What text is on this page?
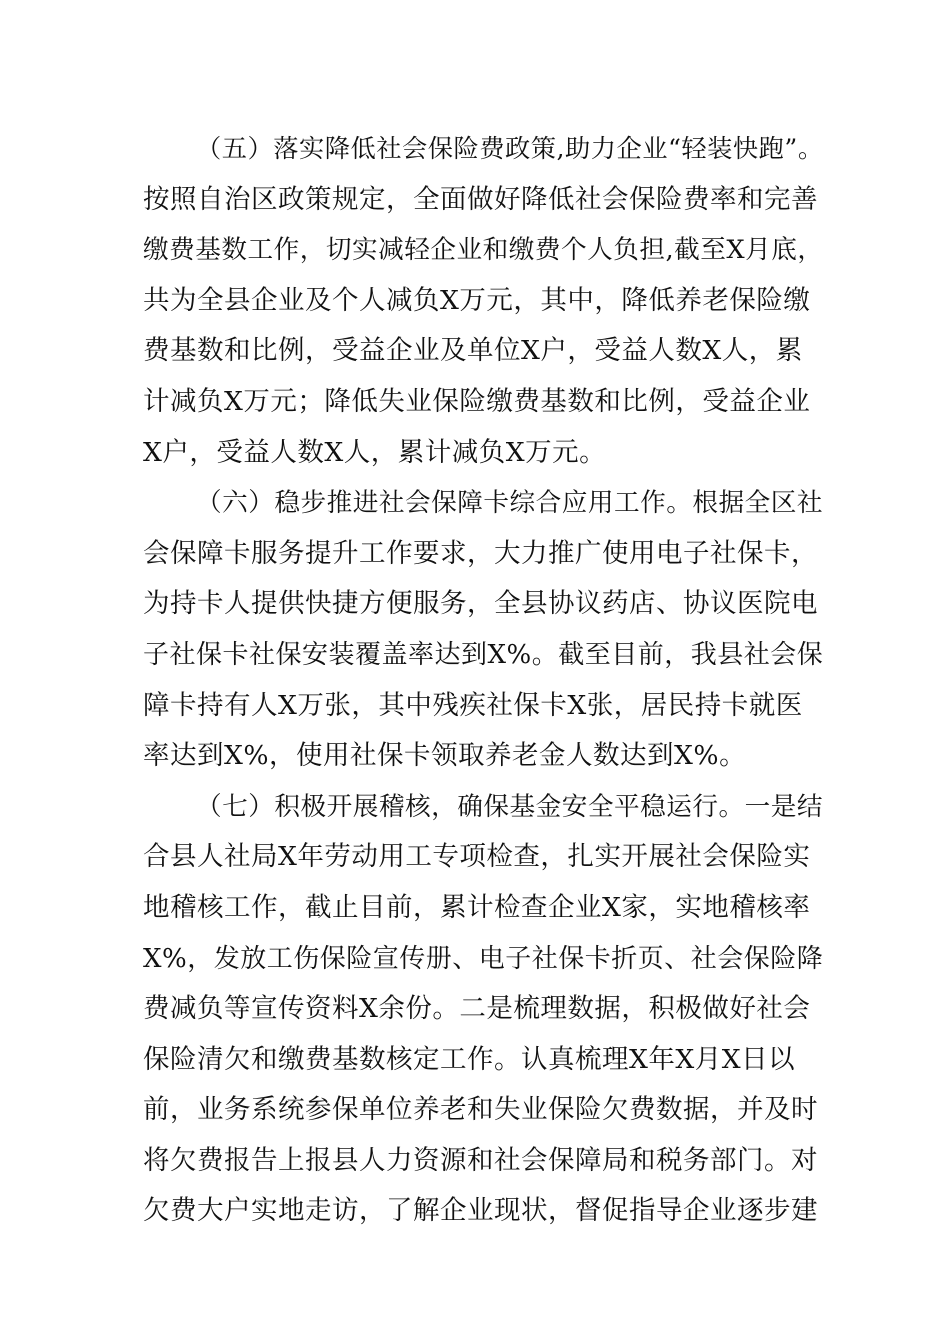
（五）落实降低社会保险费政策,助力企业“轻装快跑”。
按照自治区政策规定，全面做好降低社会保险费率和完善
缴费基数工作，切实减轻企业和缴费个人负担,截至X月底，
共为全县企业及个人减负X万元，其中，降低养老保险缴
费基数和比例，受益企业及单位X户，受益人数X人，累
计减负X万元；降低失业保险缴费基数和比例，受益企业
X户，受益人数X人，累计减负X万元。
（六）稳步推进社会保障卡综合应用工作。根据全区社
会保障卡服务提升工作要求，大力推广使用电子社保卡，
为持卡人提供快捷方便服务，全县协议药店、协议医院电
子社保卡社保安装覆盖率达到X%。截至目前，我县社会保
障卡持有人X万张，其中残疾社保卡X张，居民持卡就医
率达到X%，使用社保卡领取养老金人数达到X%。
（七）积极开展稽核，确保基金安全平稳运行。一是结
合县人社局X年劳动用工专项检查，扎实开展社会保险实
地稽核工作，截止目前，累计检查企业X家，实地稽核率
X%，发放工伤保险宣传册、电子社保卡折页、社会保险降
费减负等宣传资料X余份。二是梳理数据，积极做好社会
保险清欠和缴费基数核定工作。认真梳理X年X月X日以
前，业务系统参保单位养老和失业保险欠费数据，并及时
将欠费报告上报县人力资源和社会保障局和税务部门。对
欠费大户实地走访，了解企业现状，督促指导企业逐步建
